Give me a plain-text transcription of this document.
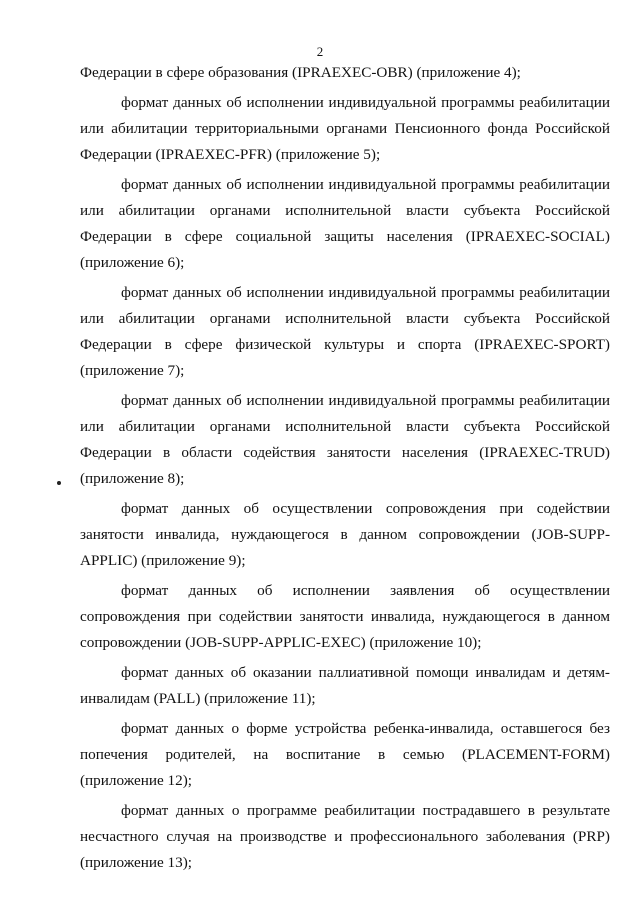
2

Федерации в сфере образования (IPRAEXEC-OBR) (приложение 4);

формат данных об исполнении индивидуальной программы реабилитации или абилитации территориальными органами Пенсионного фонда Российской Федерации (IPRAEXEC-PFR) (приложение 5);

формат данных об исполнении индивидуальной программы реабилитации или абилитации органами исполнительной власти субъекта Российской Федерации в сфере социальной защиты населения (IPRAEXEC-SOCIAL) (приложение 6);

формат данных об исполнении индивидуальной программы реабилитации или абилитации органами исполнительной власти субъекта Российской Федерации в сфере физической культуры и спорта (IPRAEXEC-SPORT) (приложение 7);

формат данных об исполнении индивидуальной программы реабилитации или абилитации органами исполнительной власти субъекта Российской Федерации в области содействия занятости населения (IPRAEXEC-TRUD) (приложение 8);

формат данных об осуществлении сопровождения при содействии занятости инвалида, нуждающегося в данном сопровождении (JOB-SUPP-APPLIC) (приложение 9);

формат данных об исполнении заявления об осуществлении сопровождения при содействии занятости инвалида, нуждающегося в данном сопровождении (JOB-SUPP-APPLIC-EXEC) (приложение 10);

формат данных об оказании паллиативной помощи инвалидам и детям-инвалидам (PALL) (приложение 11);

формат данных о форме устройства ребенка-инвалида, оставшегося без попечения родителей, на воспитание в семью (PLACEMENT-FORM) (приложение 12);

формат данных о программе реабилитации пострадавшего в результате несчастного случая на производстве и профессионального заболевания (PRP) (приложение 13);
